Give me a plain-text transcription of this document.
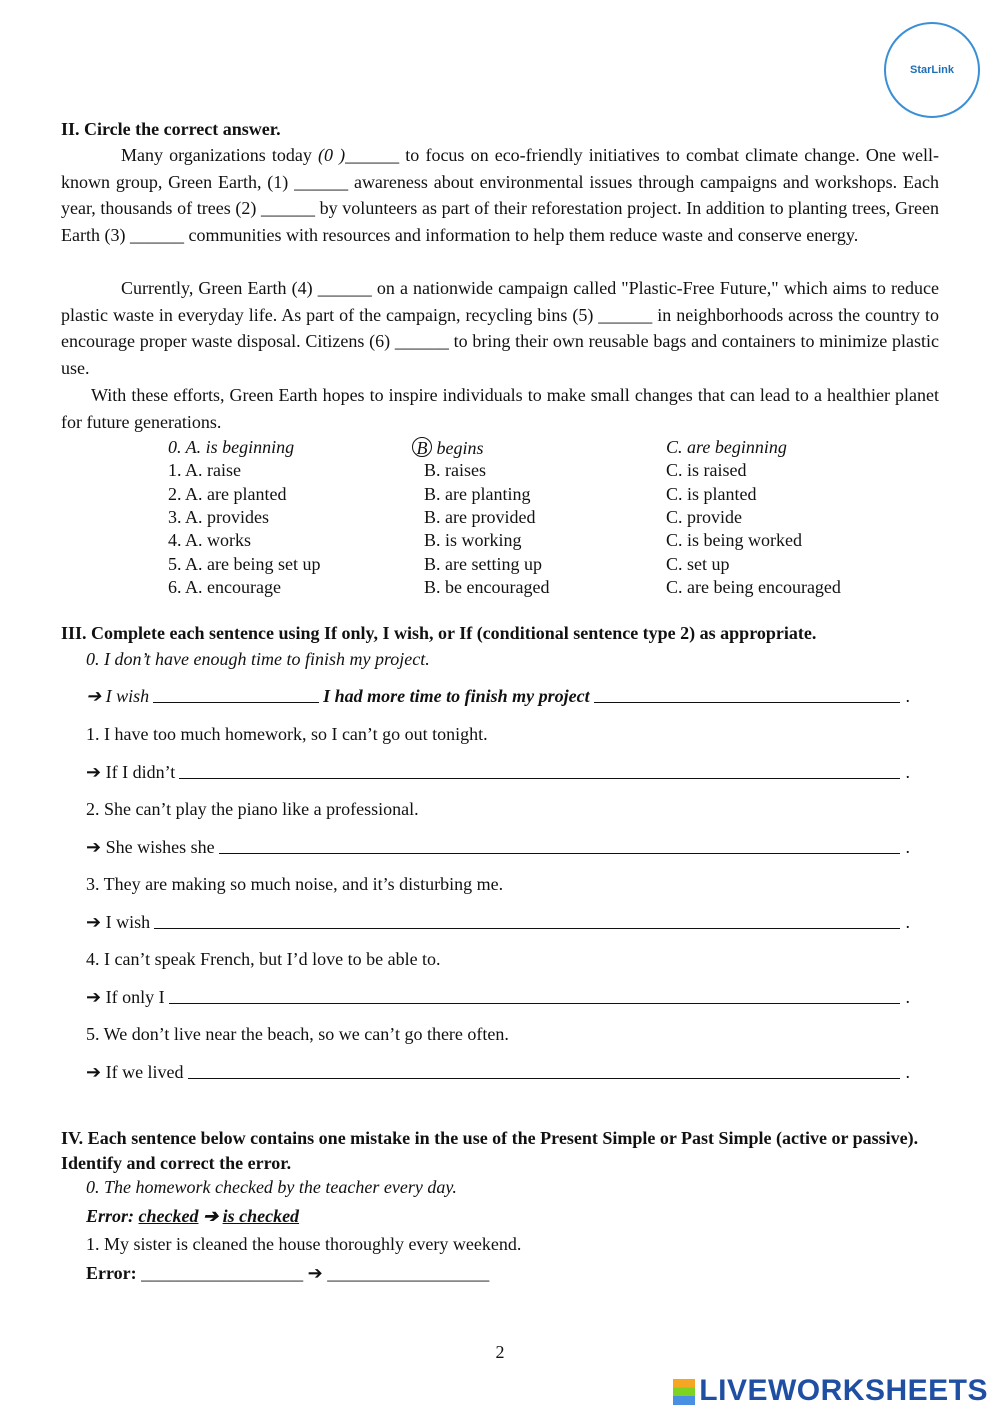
StarLink
II. Circle the correct answer.

Many organizations today (0 )______ to focus on eco-friendly initiatives to combat climate change. One well-known group, Green Earth, (1) ______ awareness about environmental issues through campaigns and workshops. Each year, thousands of trees (2) ______ by volunteers as part of their reforestation project. In addition to planting trees, Green Earth (3) ______ communities with resources and information to help them reduce waste and conserve energy.

Currently, Green Earth (4) ______ on a nationwide campaign called "Plastic-Free Future," which aims to reduce plastic waste in everyday life. As part of the campaign, recycling bins (5) ______ in neighborhoods across the country to encourage proper waste disposal. Citizens (6) ______ to bring their own reusable bags and containers to minimize plastic use.

With these efforts, Green Earth hopes to inspire individuals to make small changes that can lead to a healthier planet for future generations.

0. A. is beginning	B begins	C. are beginning
1. A. raise	B. raises	C. is raised
2. A. are planted	B. are planting	C. is planted
3. A. provides	B. are provided	C. provide
4. A. works	B. is working	C. is being worked
5. A. are being set up	B. are setting up	C. set up
6. A. encourage	B. be encouraged	C. are being encouraged
III. Complete each sentence using If only, I wish, or If (conditional sentence type 2) as appropriate.
0. I don’t have enough time to finish my project.
➔ I wish	I had more time to finish my project	.
1. I have too much homework, so I can’t go out tonight.
➔ If I didn’t	.
2. She can’t play the piano like a professional.
➔ She wishes she	.
3. They are making so much noise, and it’s disturbing me.
➔ I wish	.
4. I can’t speak French, but I’d love to be able to.
➔ If only I	.
5. We don’t live near the beach, so we can’t go there often.
➔ If we lived	.
IV. Each sentence below contains one mistake in the use of the Present Simple or Past Simple (active or passive). Identify and correct the error.
0. The homework checked by the teacher every day.
Error: checked ➔ is checked
1. My sister is cleaned the house thoroughly every weekend.
Error: __________________ ➔ __________________
2
LIVEWORKSHEETS
